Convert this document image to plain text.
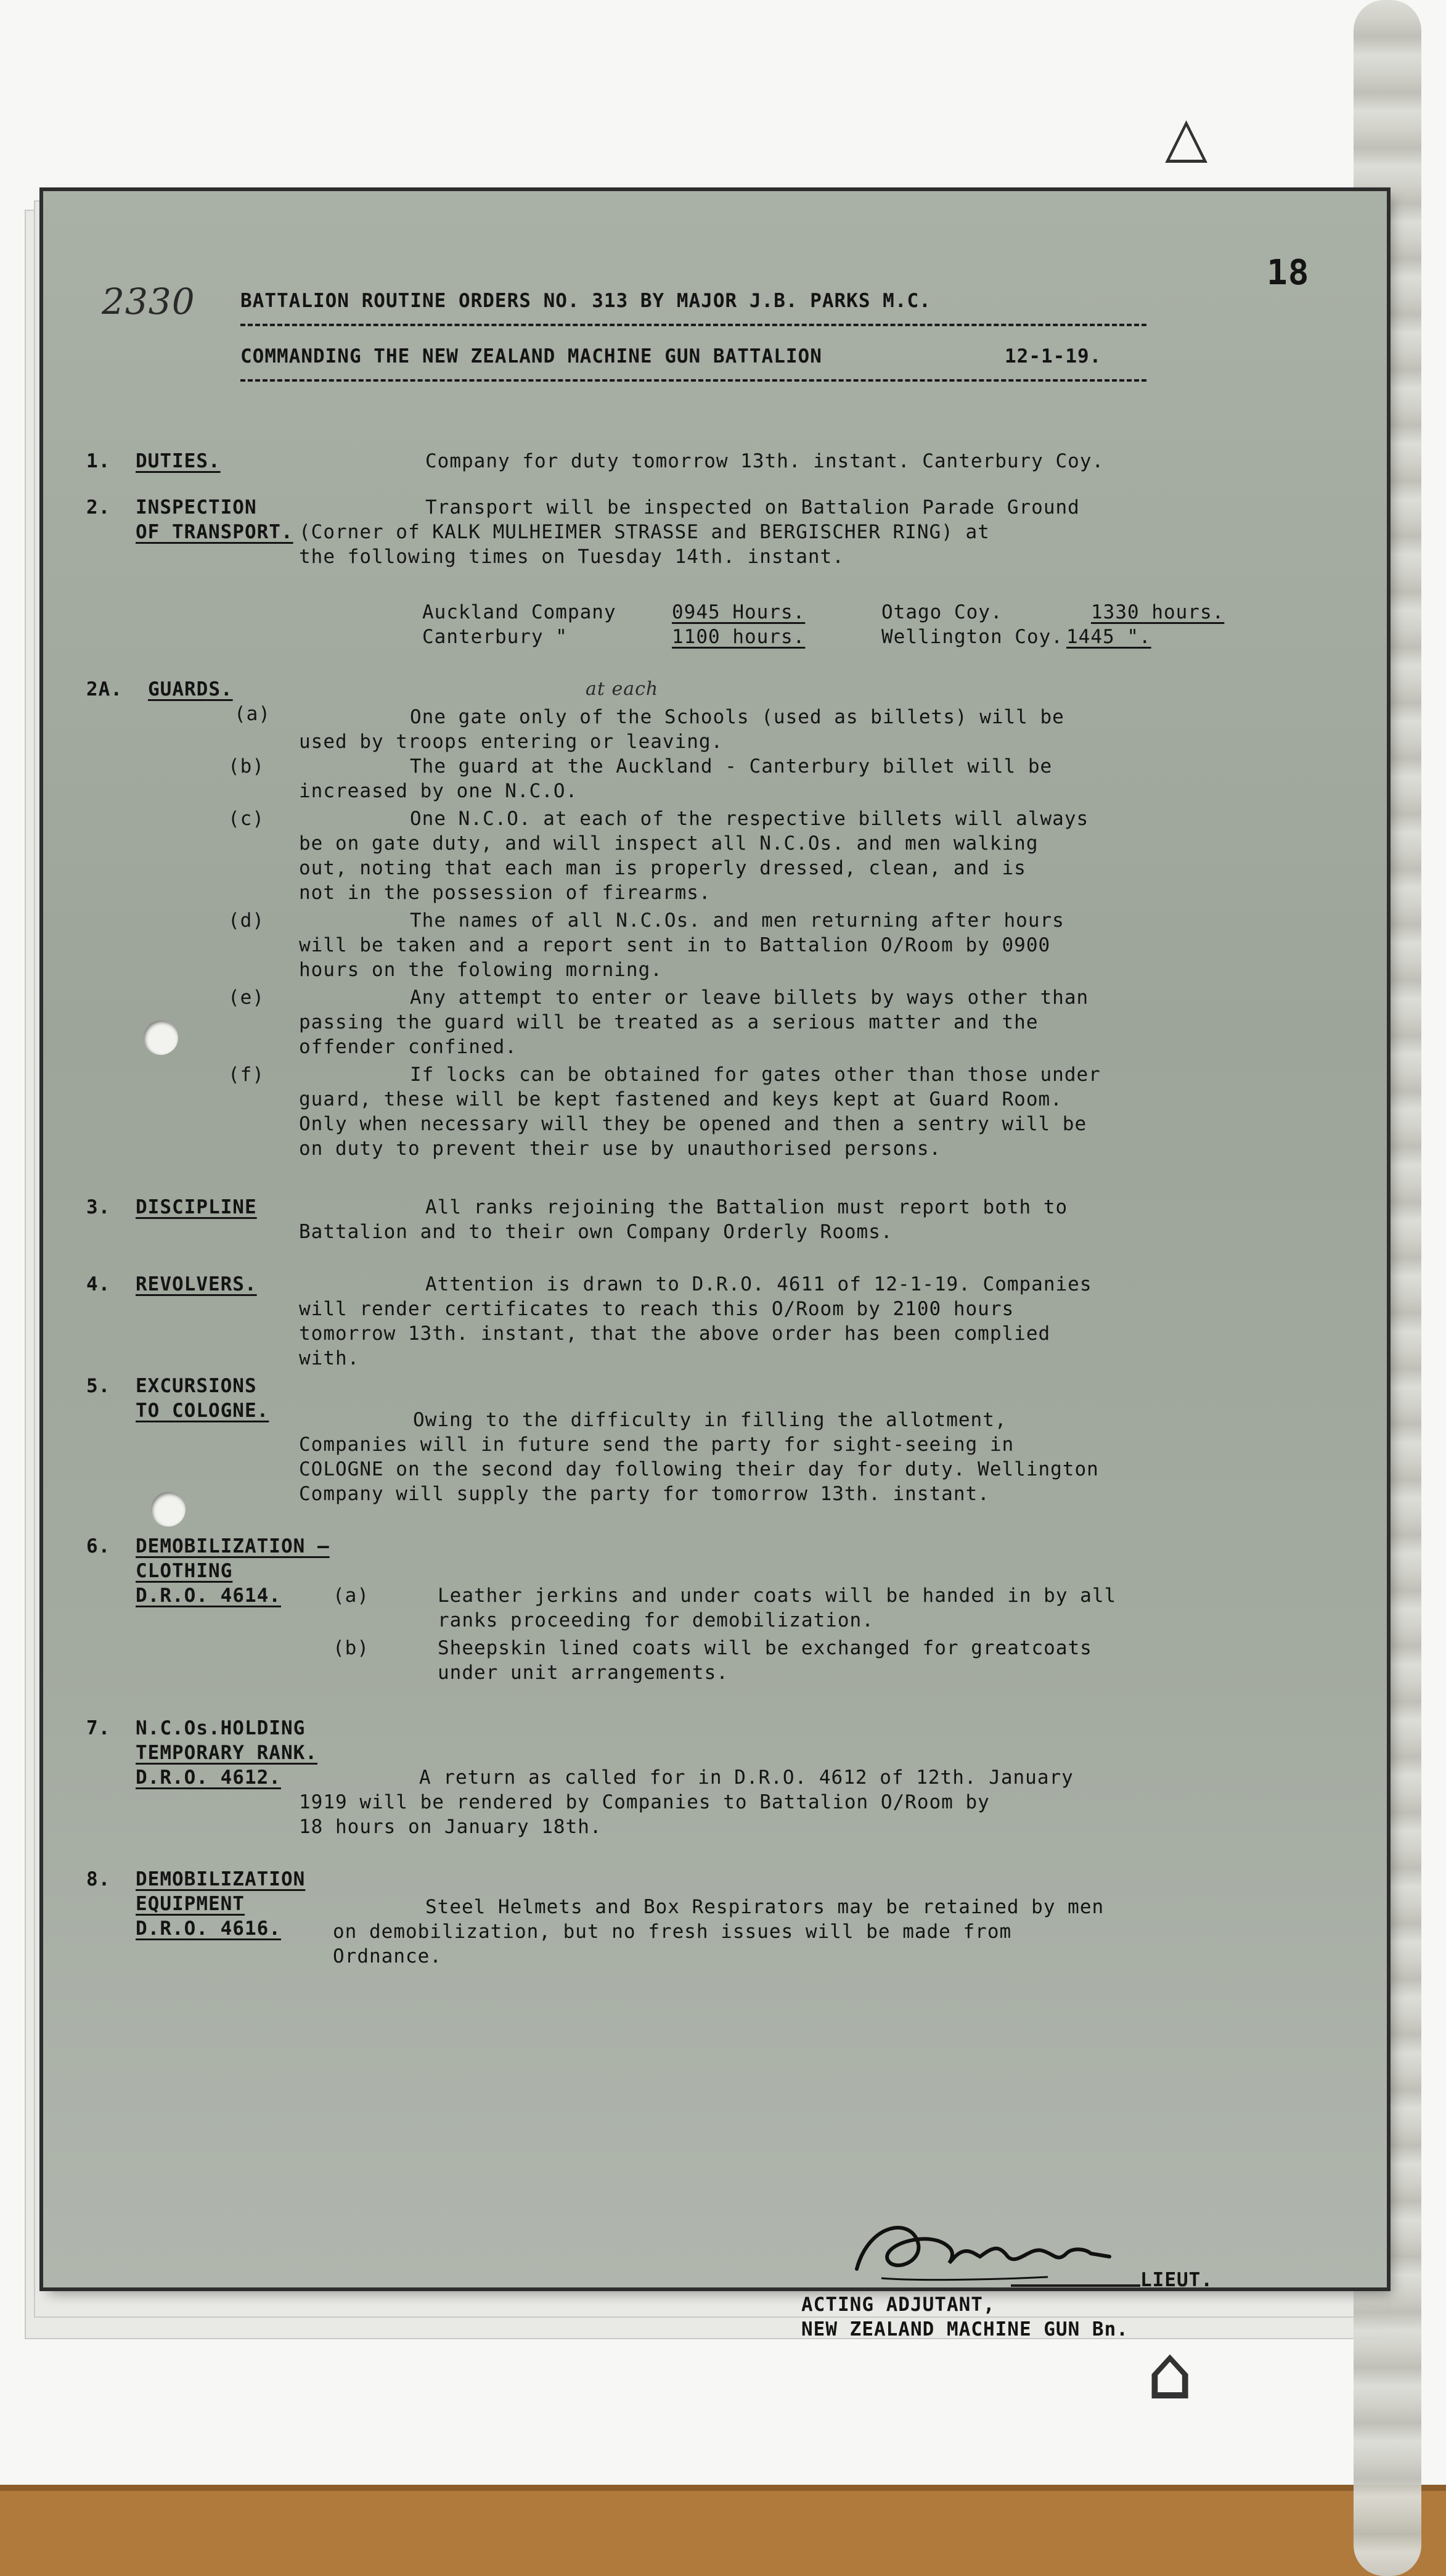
△
⌂
2330
18
BATTALION ROUTINE ORDERS NO. 313 BY MAJOR J.B. PARKS M.C.
COMMANDING THE NEW ZEALAND MACHINE GUN BATTALION	12-1-19.
1. DUTIES.	Company for duty tomorrow 13th. instant. Canterbury Coy.
2. INSPECTION
OF TRANSPORT.
Transport will be inspected on Battalion Parade Ground
(Corner of KALK MULHEIMER STRASSE and BERGISCHER RING) at
the following times on Tuesday 14th. instant.
Auckland Company	0945 Hours.	Otago Coy.	1330 hours.
Canterbury "	1100 hours.	Wellington Coy. 1445 ".
2A. GUARDS.	at each
(a)	One gate only of the Schools (used as billets) will be
used by troops entering or leaving.
(b)	The guard at the Auckland - Canterbury billet will be
increased by one N.C.O.
(c)	One N.C.O. at each of the respective billets will always
be on gate duty, and will inspect all N.C.Os. and men walking
out, noting that each man is properly dressed, clean, and is
not in the possession of firearms.
(d)	The names of all N.C.Os. and men returning after hours
will be taken and a report sent in to Battalion O/Room by 0900
hours on the folowing morning.
(e)	Any attempt to enter or leave billets by ways other than
passing the guard will be treated as a serious matter and the
offender confined.
(f)	If locks can be obtained for gates other than those under
guard, these will be kept fastened and keys kept at Guard Room.
Only when necessary will they be opened and then a sentry will be
on duty to prevent their use by unauthorised persons.
3. DISCIPLINE	All ranks rejoining the Battalion must report both to
Battalion and to their own Company Orderly Rooms.
4. REVOLVERS.	Attention is drawn to D.R.O. 4611 of 12-1-19. Companies
will render certificates to reach this O/Room by 2100 hours
tomorrow 13th. instant, that the above order has been complied
with.
5. EXCURSIONS
TO COLOGNE.	Owing to the difficulty in filling the allotment,
Companies will in future send the party for sight-seeing in
COLOGNE on the second day following their day for duty. Wellington
Company will supply the party for tomorrow 13th. instant.
6. DEMOBILIZATION —
CLOTHING
D.R.O. 4614.	(a)	Leather jerkins and under coats will be handed in by all
ranks proceeding for demobilization.
(b)	Sheepskin lined coats will be exchanged for greatcoats
under unit arrangements.
7. N.C.Os.HOLDING
TEMPORARY RANK.
D.R.O. 4612.	A return as called for in D.R.O. 4612 of 12th. January
1919 will be rendered by Companies to Battalion O/Room by
18 hours on January 18th.
8. DEMOBILIZATION
EQUIPMENT
D.R.O. 4616.
Steel Helmets and Box Respirators may be retained by men
on demobilization, but no fresh issues will be made from
Ordnance.
LIEUT.
ACTING ADJUTANT,
NEW ZEALAND MACHINE GUN Bn.
